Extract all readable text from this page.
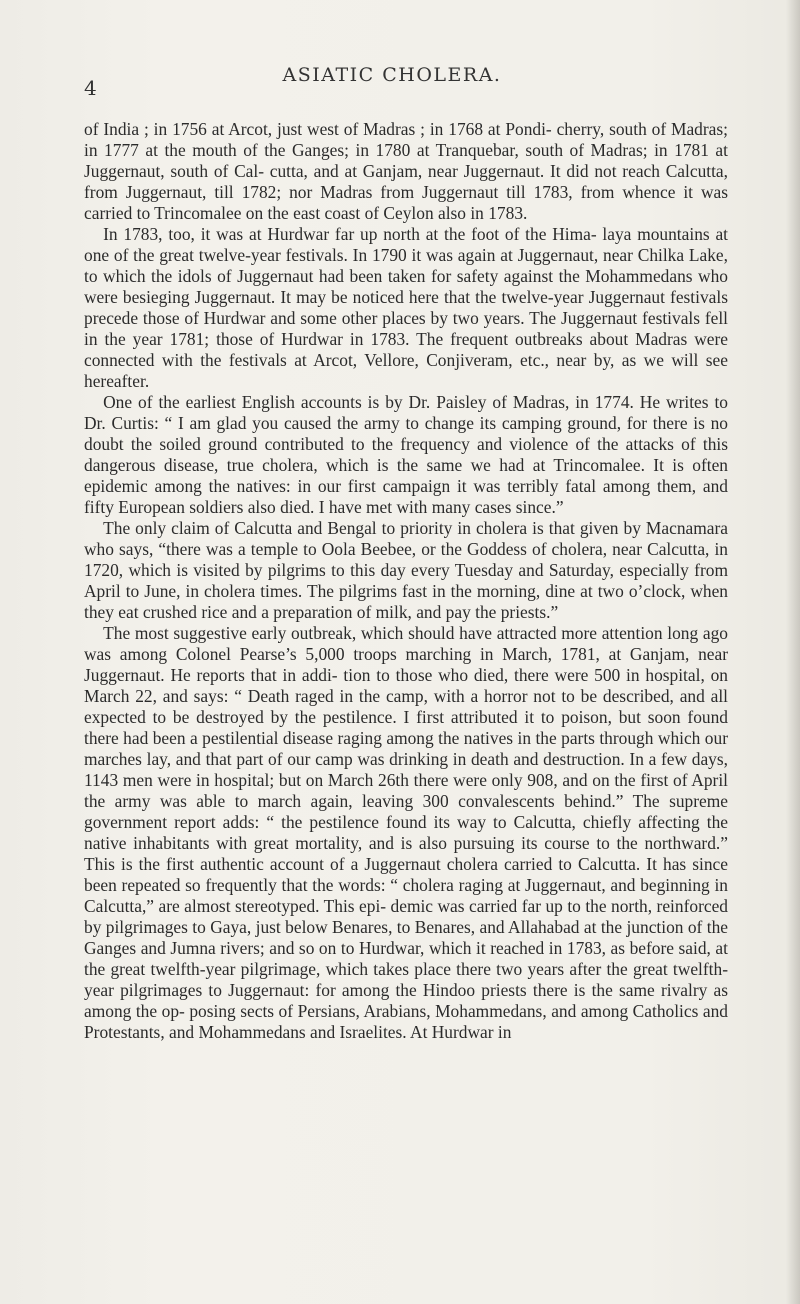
4
ASIATIC CHOLERA.

of India ; in 1756 at Arcot, just west of Madras ; in 1768 at Pondi- cherry, south of Madras; in 1777 at the mouth of the Ganges; in 1780 at Tranquebar, south of Madras; in 1781 at Juggernaut, south of Cal- cutta, and at Ganjam, near Juggernaut. It did not reach Calcutta, from Juggernaut, till 1782; nor Madras from Juggernaut till 1783, from whence it was carried to Trincomalee on the east coast of Ceylon also in 1783.

In 1783, too, it was at Hurdwar far up north at the foot of the Hima- laya mountains at one of the great twelve-year festivals. In 1790 it was again at Juggernaut, near Chilka Lake, to which the idols of Juggernaut had been taken for safety against the Mohammedans who were besieging Juggernaut. It may be noticed here that the twelve-year Juggernaut festivals precede those of Hurdwar and some other places by two years. The Juggernaut festivals fell in the year 1781; those of Hurdwar in 1783. The frequent outbreaks about Madras were connected with the festivals at Arcot, Vellore, Conjiveram, etc., near by, as we will see hereafter.

One of the earliest English accounts is by Dr. Paisley of Madras, in 1774. He writes to Dr. Curtis: “ I am glad you caused the army to change its camping ground, for there is no doubt the soiled ground contributed to the frequency and violence of the attacks of this dangerous disease, true cholera, which is the same we had at Trincomalee. It is often epidemic among the natives: in our first campaign it was terribly fatal among them, and fifty European soldiers also died. I have met with many cases since.”

The only claim of Calcutta and Bengal to priority in cholera is that given by Macnamara who says, “there was a temple to Oola Beebee, or the Goddess of cholera, near Calcutta, in 1720, which is visited by pilgrims to this day every Tuesday and Saturday, especially from April to June, in cholera times. The pilgrims fast in the morning, dine at two o’clock, when they eat crushed rice and a preparation of milk, and pay the priests.”

The most suggestive early outbreak, which should have attracted more attention long ago was among Colonel Pearse’s 5,000 troops marching in March, 1781, at Ganjam, near Juggernaut. He reports that in addi- tion to those who died, there were 500 in hospital, on March 22, and says: “ Death raged in the camp, with a horror not to be described, and all expected to be destroyed by the pestilence. I first attributed it to poison, but soon found there had been a pestilential disease raging among the natives in the parts through which our marches lay, and that part of our camp was drinking in death and destruction. In a few days, 1143 men were in hospital; but on March 26th there were only 908, and on the first of April the army was able to march again, leaving 300 convalescents behind.” The supreme government report adds: “ the pestilence found its way to Calcutta, chiefly affecting the native inhabitants with great mortality, and is also pursuing its course to the northward.” This is the first authentic account of a Juggernaut cholera carried to Calcutta. It has since been repeated so frequently that the words: “ cholera raging at Juggernaut, and beginning in Calcutta,” are almost stereotyped. This epi- demic was carried far up to the north, reinforced by pilgrimages to Gaya, just below Benares, to Benares, and Allahabad at the junction of the Ganges and Jumna rivers; and so on to Hurdwar, which it reached in 1783, as before said, at the great twelfth-year pilgrimage, which takes place there two years after the great twelfth-year pilgrimages to Juggernaut: for among the Hindoo priests there is the same rivalry as among the op- posing sects of Persians, Arabians, Mohammedans, and among Catholics and Protestants, and Mohammedans and Israelites. At Hurdwar in
